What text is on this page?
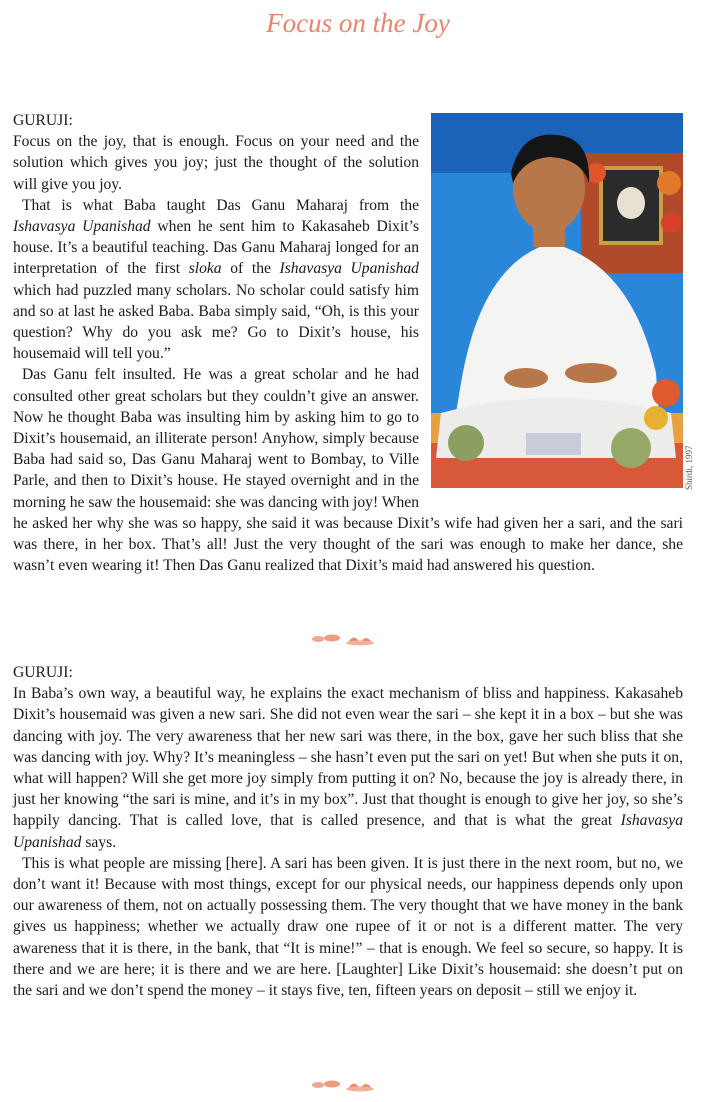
Focus on the Joy
GURUJI:

Focus on the joy, that is enough. Focus on your need and the solution which gives you joy; just the thought of the solution will give you joy.

That is what Baba taught Das Ganu Maharaj from the Ishavasya Upanishad when he sent him to Kakasaheb Dixit’s house. It’s a beautiful teaching. Das Ganu Maharaj longed for an interpretation of the first sloka of the Ishavasya Upanishad which had puzzled many scholars. No scholar could satisfy him and so at last he asked Baba. Baba simply said, “Oh, is this your question? Why do you ask me? Go to Dixit’s house, his housemaid will tell you.”

Das Ganu felt insulted. He was a great scholar and he had consulted other great scholars but they couldn’t give an answer. Now he thought Baba was insulting him by asking him to go to Dixit’s housemaid, an illiterate person! Anyhow, simply because Baba had said so, Das Ganu Maharaj went to Bombay, to Ville Parle, and then to Dixit’s house. He stayed overnight and in the morning he saw the housemaid: she was dancing with joy! When he asked her why she was so happy, she said it was because Dixit’s wife had given her a sari, and the sari was there, in her box. That’s all! Just the very thought of the sari was enough to make her dance, she wasn’t even wearing it! Then Das Ganu realized that Dixit’s maid had answered his question.

Shirdi, 1997
GURUJI:

In Baba’s own way, a beautiful way, he explains the exact mechanism of bliss and happiness. Kakasaheb Dixit’s housemaid was given a new sari. She did not even wear the sari – she kept it in a box – but she was dancing with joy. The very awareness that her new sari was there, in the box, gave her such bliss that she was dancing with joy. Why? It’s meaningless – she hasn’t even put the sari on yet! But when she puts it on, what will happen? Will she get more joy simply from putting it on? No, because the joy is already there, in just her knowing “the sari is mine, and it’s in my box”. Just that thought is enough to give her joy, so she’s happily dancing. That is called love, that is called presence, and that is what the great Ishavasya Upanishad says.

This is what people are missing [here]. A sari has been given. It is just there in the next room, but no, we don’t want it! Because with most things, except for our physical needs, our happiness depends only upon our awareness of them, not on actually possessing them. The very thought that we have money in the bank gives us happiness; whether we actually draw one rupee of it or not is a different matter. The very awareness that it is there, in the bank, that “It is mine!” – that is enough. We feel so secure, so happy. It is there and we are here; it is there and we are here. [Laughter] Like Dixit’s housemaid: she doesn’t put on the sari and we don’t spend the money – it stays five, ten, fifteen years on deposit – still we enjoy it.
